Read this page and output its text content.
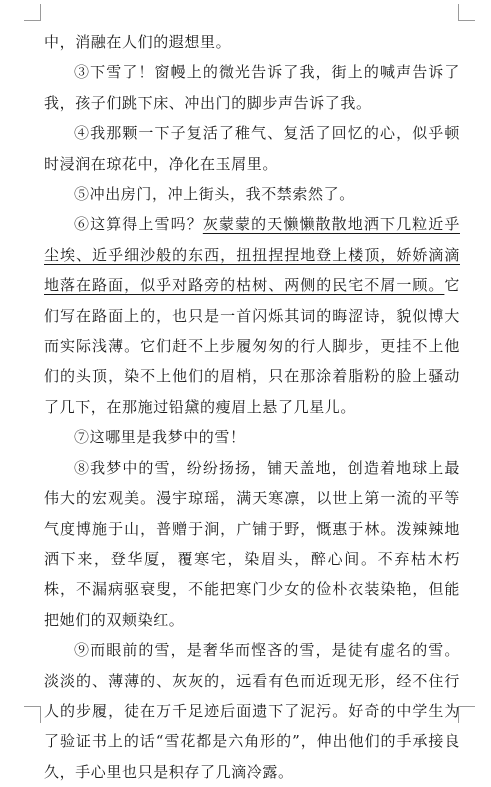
中，消融在人们的遐想里。

③下雪了！窗幔上的微光告诉了我，街上的喊声告诉了我，孩子们跳下床、冲出门的脚步声告诉了我。

④我那颗一下子复活了稚气、复活了回忆的心，似乎顿时浸润在琼花中，净化在玉屑里。

⑤冲出房门，冲上街头，我不禁索然了。

⑥这算得上雪吗？灰蒙蒙的天懒懒散散地洒下几粒近乎尘埃、近乎细沙般的东西，扭扭捏捏地登上楼顶，娇娇滴滴地落在路面，似乎对路旁的枯树、两侧的民宅不屑一顾。它们写在路面上的，也只是一首闪烁其词的晦涩诗，貌似博大而实际浅薄。它们赶不上步履匆匆的行人脚步，更挂不上他们的头顶，染不上他们的眉梢，只在那涂着脂粉的脸上骚动了几下，在那施过铅黛的瘦眉上悬了几星儿。

⑦这哪里是我梦中的雪！

⑧我梦中的雪，纷纷扬扬，铺天盖地，创造着地球上最伟大的宏观美。漫宇琼瑶，满天寒凛，以世上第一流的平等气度博施于山，普赠于涧，广铺于野，慨惠于林。泼辣辣地洒下来，登华厦，覆寒宅，染眉头，醉心间。不弃枯木朽株，不漏病驱衰叟，不能把寒门少女的俭朴衣装染艳，但能把她们的双颊染红。

⑨而眼前的雪，是奢华而悭吝的雪，是徒有虚名的雪。淡淡的、薄薄的、灰灰的，远看有色而近现无形，经不住行人的步履，徒在万千足迹后面遗下了泥污。好奇的中学生为了验证书上的话“雪花都是六角形的”，伸出他们的手承接良久，手心里也只是积存了几滴冷露。
